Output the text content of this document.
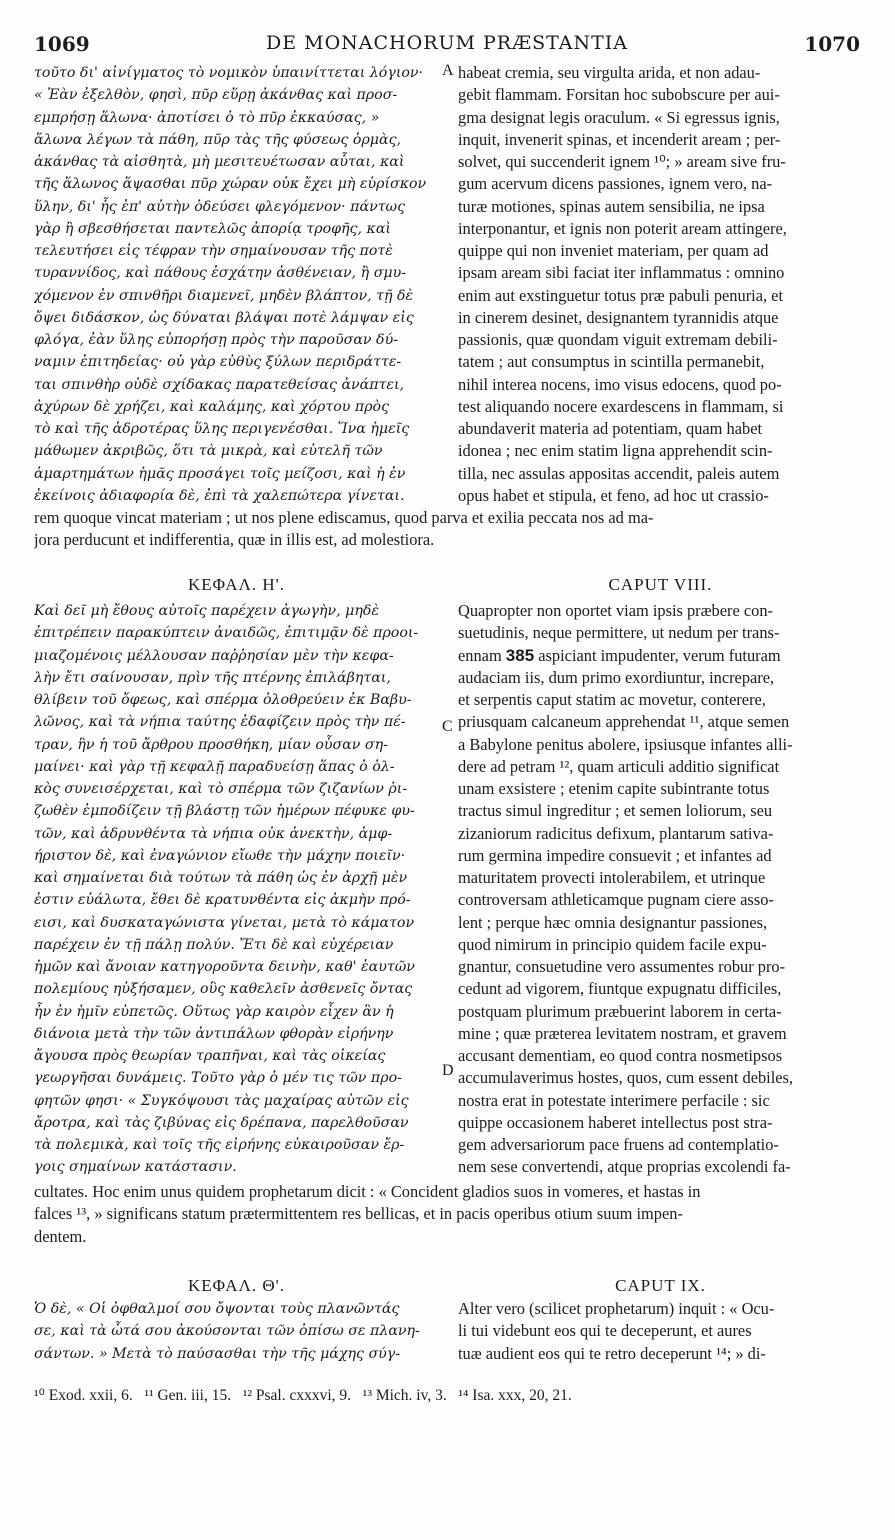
1069	DE MONACHORUM PRÆSTANTIA	1070
A
C
D
τοῦτο δι' αἰνίγματος τὸ νομικὸν ὑπαινίττεται λόγιον·
« Ἐὰν ἐξελθὸν, φησὶ, πῦρ εὕρῃ ἀκάνθας καὶ προσ-
εμπρήσῃ ἅλωνα· ἀποτίσει ὁ τὸ πῦρ ἐκκαύσας, »
ἅλωνα λέγων τὰ πάθη, πῦρ τὰς τῆς φύσεως ὁρμὰς,
ἀκάνθας τὰ αἰσθητὰ, μὴ μεσιτευέτωσαν αὗται, καὶ
τῆς ἅλωνος ἅψασθαι πῦρ χώραν οὐκ ἔχει μὴ εὑρίσκον
ὕλην, δι' ἧς ἐπ' αὐτὴν ὁδεύσει φλεγόμενον· πάντως
γὰρ ἢ σβεσθήσεται παντελῶς ἀπορίᾳ τροφῆς, καὶ
τελευτήσει εἰς τέφραν τὴν σημαίνουσαν τῆς ποτὲ
τυραννίδος, καὶ πάθους ἐσχάτην ἀσθένειαν, ἢ σμυ-
χόμενον ἐν σπινθῆρι διαμενεῖ, μηδὲν βλάπτον, τῇ δὲ
ὄψει διδάσκον, ὡς δύναται βλάψαι ποτὲ λάμψαν εἰς
φλόγα, ἐὰν ὕλης εὐπορήσῃ πρὸς τὴν παροῦσαν δύ-
ναμιν ἐπιτηδείας· οὐ γὰρ εὐθὺς ξύλων περιδράττε-
ται σπινθὴρ οὐδὲ σχίδακας παρατεθείσας ἀνάπτει,
ἀχύρων δὲ χρήζει, καὶ καλάμης, καὶ χόρτου πρὸς
τὸ καὶ τῆς ἁδροτέρας ὕλης περιγενέσθαι. Ἵνα ἡμεῖς
μάθωμεν ἀκριβῶς, ὅτι τὰ μικρὰ, καὶ εὐτελῆ τῶν
ἁμαρτημάτων ἡμᾶς προσάγει τοῖς μείζοσι, καὶ ἡ ἐν
ἐκείνοις ἀδιαφορία δὲ, ἐπὶ τὰ χαλεπώτερα γίνεται.
habeat cremia, seu virgulta arida, et non adau-
gebit flammam. Forsitan hoc subobscure per aui-
gma designat legis oraculum. « Si egressus ignis,
inquit, invenerit spinas, et incenderit aream ; per-
solvet, qui succenderit ignem ¹⁰; » aream sive fru-
gum acervum dicens passiones, ignem vero, na-
turæ motiones, spinas autem sensibilia, ne ipsa
interponantur, et ignis non poterit aream attingere,
quippe qui non inveniet materiam, per quam ad
ipsam aream sibi faciat iter inflammatus : omnino
enim aut exstinguetur totus præ pabuli penuria, et
in cinerem desinet, designantem tyrannidis atque
passionis, quæ quondam viguit extremam debili-
tatem ; aut consumptus in scintilla permanebit,
nihil interea nocens, imo visus edocens, quod po-
test aliquando nocere exardescens in flammam, si
abundaverit materia ad potentiam, quam habet
idonea ; nec enim statim ligna apprehendit scin-
tilla, nec assulas appositas accendit, paleis autem
opus habet et stipula, et feno, ad hoc ut crassio-
rem quoque vincat materiam ; ut nos plene ediscamus, quod parva et exilia peccata nos ad ma-
jora perducunt et indifferentia, quæ in illis est, ad molestiora.
ΚΕΦΑΛ. Η'.	CAPUT VIII.
Καὶ δεῖ μὴ ἔθους αὐτοῖς παρέχειν ἀγωγὴν, μηδὲ
ἐπιτρέπειν παρακύπτειν ἀναιδῶς, ἐπιτιμᾷν δὲ προοι-
μιαζομένοις μέλλουσαν παῤῥησίαν μὲν τὴν κεφα-
λὴν ἔτι σαίνουσαν, πρὶν τῆς πτέρνης ἐπιλάβηται,
θλίβειν τοῦ ὄφεως, καὶ σπέρμα ὀλοθρεύειν ἐκ Βαβυ-
λῶνος, καὶ τὰ νήπια ταύτης ἐδαφίζειν πρὸς τὴν πέ-
τραν, ἣν ἡ τοῦ ἄρθρου προσθήκη, μίαν οὖσαν ση-
μαίνει· καὶ γὰρ τῇ κεφαλῇ παραδυείσῃ ἅπας ὁ ὁλ-
κὸς συνεισέρχεται, καὶ τὸ σπέρμα τῶν ζιζανίων ῥι-
ζωθὲν ἐμποδίζειν τῇ βλάστῃ τῶν ἡμέρων πέφυκε φυ-
τῶν, καὶ ἁδρυνθέντα τὰ νήπια οὐκ ἀνεκτὴν, ἀμφ-
ήριστον δὲ, καὶ ἐναγώνιον εἴωθε τὴν μάχην ποιεῖν·
καὶ σημαίνεται διὰ τούτων τὰ πάθη ὡς ἐν ἀρχῇ μὲν
ἐστιν εὐάλωτα, ἔθει δὲ κρατυνθέντα εἰς ἀκμὴν πρό-
εισι, καὶ δυσκαταγώνιστα γίνεται, μετὰ τὸ κάματον
παρέχειν ἐν τῇ πάλῃ πολύν. Ἔτι δὲ καὶ εὐχέρειαν
ἡμῶν καὶ ἄνοιαν κατηγοροῦντα δεινὴν, καθ' ἑαυτῶν
πολεμίους ηὐξήσαμεν, οὓς καθελεῖν ἀσθενεῖς ὄντας
ἦν ἐν ἡμῖν εὐπετῶς. Οὕτως γὰρ καιρὸν εἶχεν ἂν ἡ
διάνοια μετὰ τὴν τῶν ἀντιπάλων φθορὰν εἰρήνην
ἄγουσα πρὸς θεωρίαν τραπῆναι, καὶ τὰς οἰκείας
γεωργῆσαι δυνάμεις. Τοῦτο γὰρ ὁ μέν τις τῶν προ-
φητῶν φησι· « Συγκόψουσι τὰς μαχαίρας αὐτῶν εἰς
ἄροτρα, καὶ τὰς ζιβύνας εἰς δρέπανα, παρελθοῦσαν
τὰ πολεμικὰ, καὶ τοῖς τῆς εἰρήνης εὐκαιροῦσαν ἔρ-
γοις σημαίνων κατάστασιν.
Quapropter non oportet viam ipsis præbere con-
suetudinis, neque permittere, ut nedum per trans-
ennam 385 aspiciant impudenter, verum futuram
audaciam iis, dum primo exordiuntur, increpare,
et serpentis caput statim ac movetur, conterere,
priusquam calcaneum apprehendat ¹¹, atque semen
a Babylone penitus abolere, ipsiusque infantes alli-
dere ad petram ¹², quam articuli additio significat
unam exsistere ; etenim capite subintrante totus
tractus simul ingreditur ; et semen loliorum, seu
zizaniorum radicitus defixum, plantarum sativa-
rum germina impedire consuevit ; et infantes ad
maturitatem provecti intolerabilem, et utrinque
controversam athleticamque pugnam ciere asso-
lent ; perque hæc omnia designantur passiones,
quod nimirum in principio quidem facile expu-
gnantur, consuetudine vero assumentes robur pro-
cedunt ad vigorem, fiuntque expugnatu difficiles,
postquam plurimum præbuerint laborem in certa-
mine ; quæ præterea levitatem nostram, et gravem
accusant dementiam, eo quod contra nosmetipsos
accumulaverimus hostes, quos, cum essent debiles,
nostra erat in potestate interimere perfacile : sic
quippe occasionem haberet intellectus post stra-
gem adversariorum pace fruens ad contemplatio-
nem sese convertendi, atque proprias excolendi fa-
cultates. Hoc enim unus quidem prophetarum dicit : « Concident gladios suos in vomeres, et hastas in
falces ¹³, » significans statum prætermittentem res bellicas, et in pacis operibus otium suum impen-
dentem.
ΚΕΦΑΛ. Θ'.	CAPUT IX.
Ὁ δὲ, « Οἱ ὀφθαλμοί σου ὄψονται τοὺς πλανῶντάς
σε, καὶ τὰ ὦτά σου ἀκούσονται τῶν ὀπίσω σε πλανη-
σάντων. » Μετὰ τὸ παύσασθαι τὴν τῆς μάχης σύγ-
Alter vero (scilicet prophetarum) inquit : « Ocu-
li tui videbunt eos qui te deceperunt, et aures
tuæ audient eos qui te retro deceperunt ¹⁴; » di-
¹⁰ Exod. xxii, 6.   ¹¹ Gen. iii, 15.   ¹² Psal. cxxxvi, 9.   ¹³ Mich. iv, 3.   ¹⁴ Isa. xxx, 20, 21.
